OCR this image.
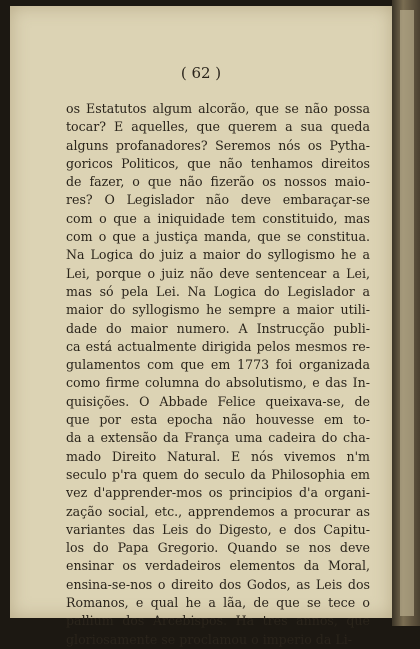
( 62 )
os Estatutos algum alcorão, que se não possa
tocar? E aquelles, que querem a sua queda
alguns profanadores? Seremos nós os Pytha-
goricos Politicos, que não tenhamos direitos
de fazer, o que não fizerão os nossos maio-
res? O Legislador não deve embaraçar-se
com o que a iniquidade tem constituido, mas
com o que a justiça manda, que se constitua.
Na Logica do juiz a maior do syllogismo he a
Lei, porque o juiz não deve sentencear a Lei,
mas só pela Lei. Na Logica do Legislador a
maior do syllogismo he sempre a maior utili-
dade do maior numero. A Instrucção publi-
ca está actualmente dirigida pelos mesmos re-
gulamentos com que em 1773 foi organizada
como firme columna do absolutismo, e das In-
quisições. O Abbade Felice queixava-se, de
que por esta epocha não houvesse em to-
da a extensão da França uma cadeira do cha-
mado Direito Natural. E nós vivemos n'm
seculo p'ra quem do seculo da Philosophia em
vez d'apprender-mos os principios d'a organi-
zação social, etc., apprendemos a procurar as
variantes das Leis do Digesto, e dos Capitu-
los do Papa Gregorio. Quando se nos deve
ensinar os verdadeiros elementos da Moral,
ensina-se-nos o direito dos Godos, as Leis dos
Romanos, e qual he a lãa, de que se tece o
pallium dos Arcebispos. Ha tres annos, que
gloriosamente se proclamou o imperio da Li-
